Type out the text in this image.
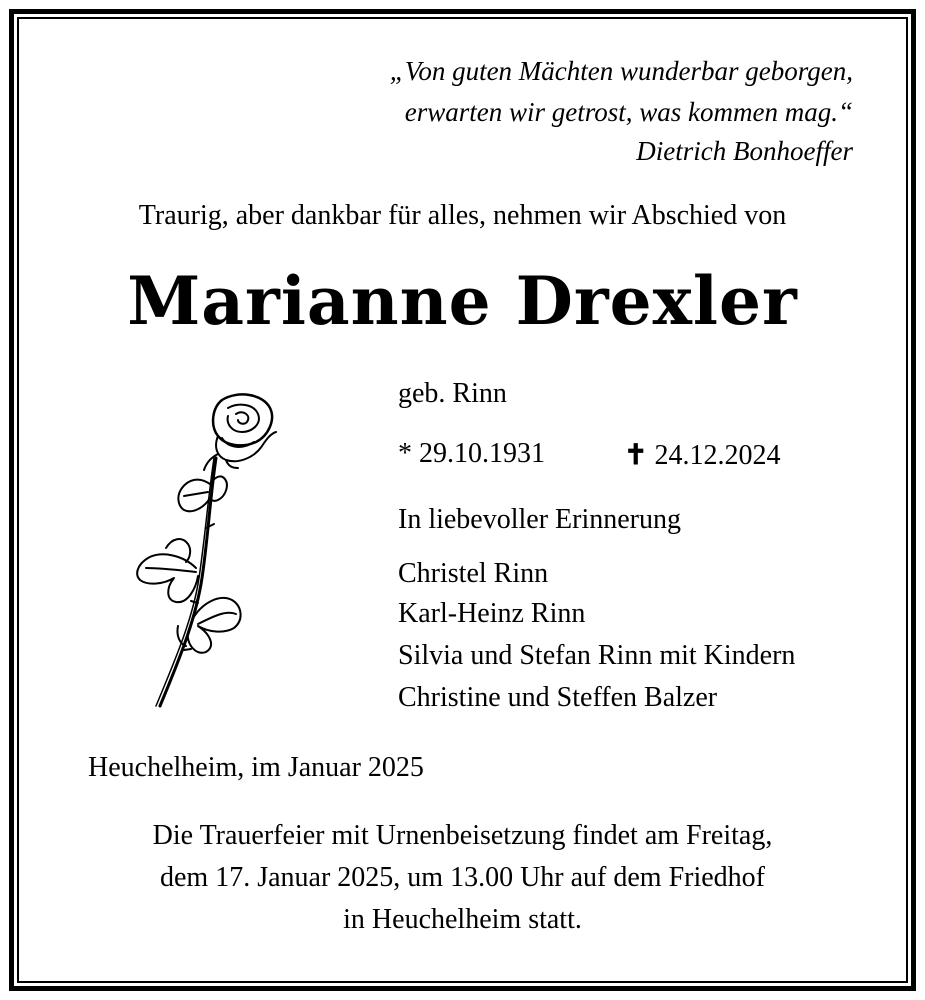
„Von guten Mächten wunderbar geborgen,
erwarten wir getrost, was kommen mag.“
Dietrich Bonhoeffer
Traurig, aber dankbar für alles, nehmen wir Abschied von
Marianne Drexler
geb. Rinn
* 29.10.1931	✝ 24.12.2024
In liebevoller Erinnerung
Christel Rinn
Karl-Heinz Rinn
Silvia und Stefan Rinn mit Kindern
Christine und Steffen Balzer
Heuchelheim, im Januar 2025
Die Trauerfeier mit Urnenbeisetzung findet am Freitag,
dem 17. Januar 2025, um 13.00 Uhr auf dem Friedhof
in Heuchelheim statt.
